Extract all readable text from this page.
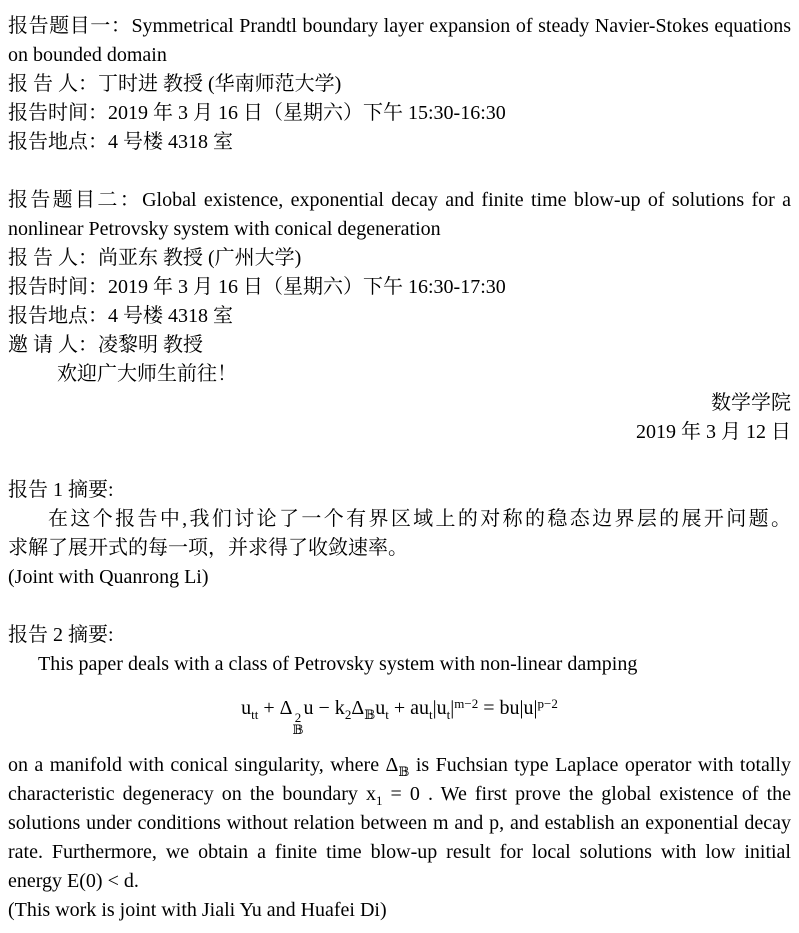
报告题目一：Symmetrical Prandtl boundary layer expansion of steady Navier-Stokes equations on bounded domain

报 告 人：丁时进 教授 (华南师范大学)

报告时间：2019 年 3 月 16 日（星期六）下午 15:30-16:30

报告地点：4 号楼 4318 室

报告题目二：Global existence, exponential decay and finite time blow-up of solutions for a nonlinear Petrovsky system with conical degeneration

报 告 人：尚亚东 教授 (广州大学)

报告时间：2019 年 3 月 16 日（星期六）下午 16:30-17:30

报告地点：4 号楼 4318 室

邀 请 人：凌黎明 教授

欢迎广大师生前往！

数学学院

2019 年 3 月 12 日

报告 1 摘要:

在这个报告中,我们讨论了一个有界区域上的对称的稳态边界层的展开问题。

求解了展开式的每一项，并求得了收敛速率。

(Joint with Quanrong Li)

报告 2 摘要:

This paper deals with a class of Petrovsky system with non-linear damping

$u_{tt} + \Delta$ 2
𝔹
$u - k_2\Delta_𝔹u_t + au_t|u_t|^{m-2} = bu|u|^{p-2}$

on a manifold with conical singularity, where $\Delta_𝔹$ is Fuchsian type Laplace operator with totally characteristic degeneracy on the boundary $x_1 = 0$ . We first prove the global existence of the solutions under conditions without relation between m and p, and establish an exponential decay rate. Furthermore, we obtain a finite time blow-up result for local solutions with low initial energy E(0) < d.

(This work is joint with Jiali Yu and Huafei Di)
